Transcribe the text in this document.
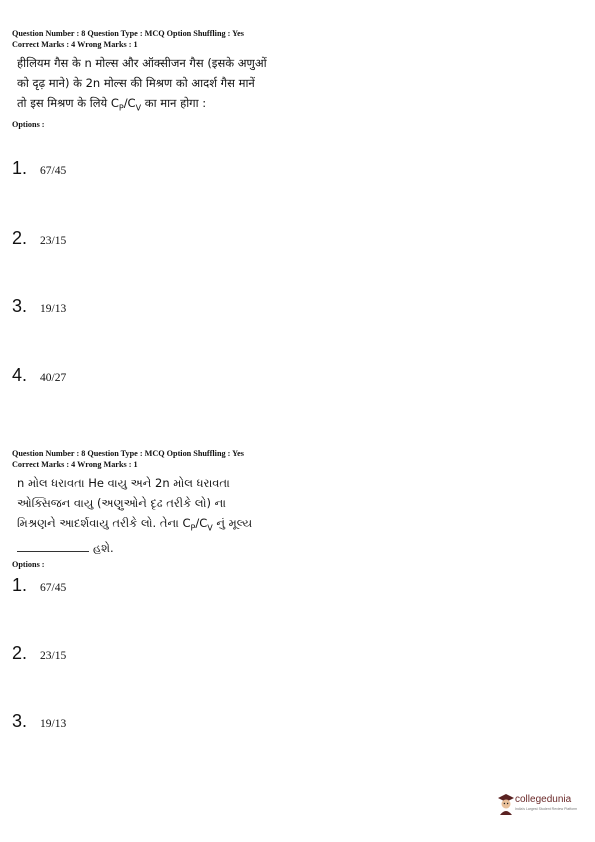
Question Number : 8 Question Type : MCQ Option Shuffling : Yes
Correct Marks : 4 Wrong Marks : 1
हीलियम गैस के n मोल्स और ऑक्सीजन गैस (इसके अणुओं को दृढ़ माने) के 2n मोल्स की मिश्रण को आदर्श गैस मानें तो इस मिश्रण के लिये $C_P/C_V$ का मान होगा :
Options :
1.	67/45
2.	23/15
3.	19/13
4.	40/27
Question Number : 8 Question Type : MCQ Option Shuffling : Yes
Correct Marks : 4 Wrong Marks : 1
n મોલ ધરાવતા He વાયુ અને 2n મોલ ધરાવતા ઓક્સિજન વાયુ (અણુઓને દૃઢ તરીકે લો) ના મિશ્રણને આદર્શવાયુ તરીકે લો. તેના $C_P/C_V$ નું મૂલ્ય
હશે.
Options :
1.	67/45
2.	23/15
3.	19/13
collegedunia
India's Largest Student Review Platform
